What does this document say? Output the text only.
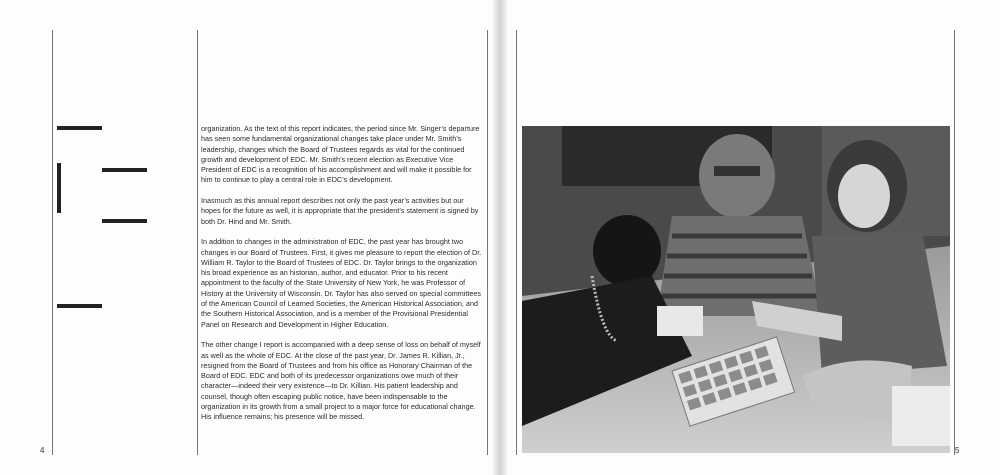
organization. As the text of this report indicates, the period since Mr. Singer’s departure has seen some fundamental organizational changes take place under Mr. Smith’s leadership, changes which the Board of Trustees regards as vital for the continued growth and development of EDC. Mr. Smith’s recent election as Executive Vice President of EDC is a recognition of his accomplishment and will make it possible for him to continue to play a central role in EDC’s development.

Inasmuch as this annual report describes not only the past year’s activities but our hopes for the future as well, it is appropriate that the president’s statement is signed by both Dr. Hind and Mr. Smith.

In addition to changes in the administration of EDC, the past year has brought two changes in our Board of Trustees. First, it gives me pleasure to report the election of Dr. William R. Taylor to the Board of Trustees of EDC. Dr. Taylor brings to the organization his broad experience as an historian, author, and educator. Prior to his recent appointment to the faculty of the State University of New York, he was Professor of History at the University of Wisconsin. Dr. Taylor has also served on special committees of the American Council of Learned Societies, the American Historical Association, and the Southern Historical Association, and is a member of the Provisional Presidential Panel on Research and Development in Higher Education.

The other change I report is accompanied with a deep sense of loss on behalf of myself as well as the whole of EDC. At the close of the past year, Dr. James R. Killian, Jr., resigned from the Board of Trustees and from his office as Honorary Chairman of the Board of EDC. EDC and both of its predecessor organizations owe much of their character—indeed their very existence—to Dr. Killian. His patient leadership and counsel, though often escaping public notice, have been indispensable to the organization in its growth from a small project to a major force for educational change. His influence remains; his presence will be missed.

4	5
